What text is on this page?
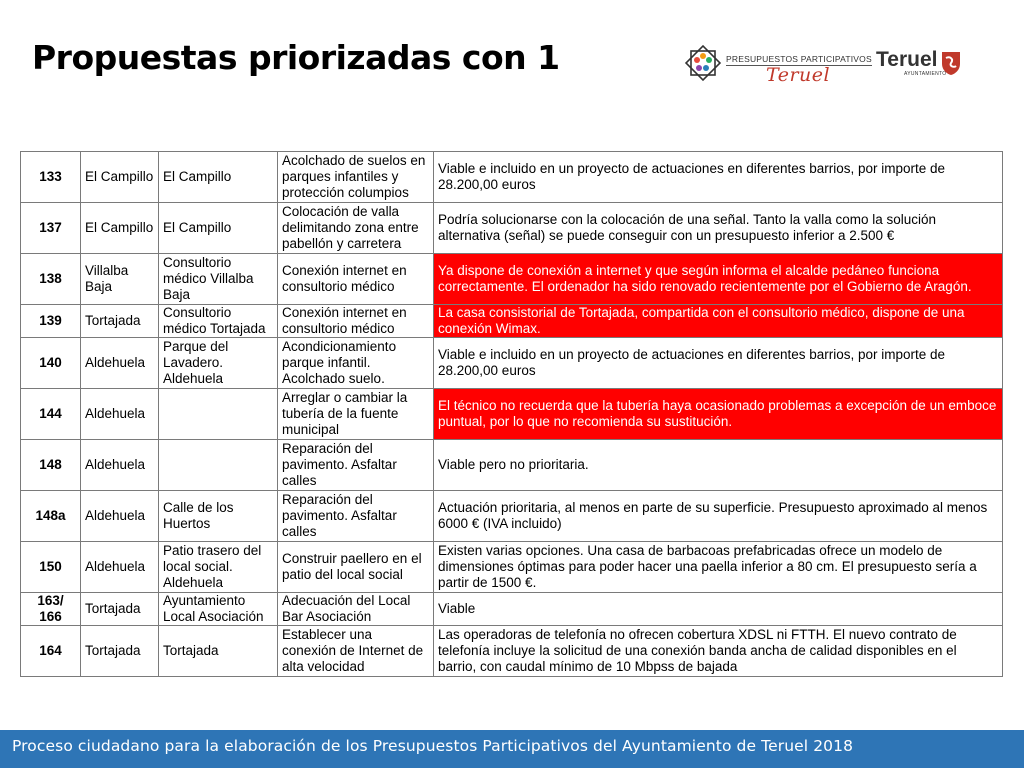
Propuestas priorizadas con 1	PRESUPUESTOS PARTICIPATIVOS
Teruel
Teruel
AYUNTAMIENTO
133	El Campillo	El Campillo	Acolchado de suelos en parques infantiles y protección columpios	Viable e incluido en un proyecto de actuaciones en diferentes barrios, por importe de 28.200,00 euros
137	El Campillo	El Campillo	Colocación de valla delimitando zona entre pabellón y carretera	Podría solucionarse con la colocación de una señal. Tanto la valla como la solución alternativa (señal) se puede conseguir con un presupuesto inferior a 2.500 €
138	Villalba Baja	Consultorio médico Villalba Baja	Conexión internet en consultorio médico	Ya dispone de conexión a internet y que según informa el alcalde pedáneo funciona correctamente. El ordenador ha sido renovado recientemente por el Gobierno de Aragón.
139	Tortajada	Consultorio médico Tortajada	Conexión internet en consultorio médico	La casa consistorial de Tortajada, compartida con el consultorio médico, dispone de una conexión Wimax.
140	Aldehuela	Parque del Lavadero. Aldehuela	Acondicionamiento parque infantil. Acolchado suelo.	Viable e incluido en un proyecto de actuaciones en diferentes barrios, por importe de 28.200,00 euros
144	Aldehuela		Arreglar o cambiar la tubería de la fuente municipal	El técnico no recuerda que la tubería haya ocasionado problemas a excepción de un emboce puntual, por lo que no recomienda su sustitución.
148	Aldehuela		Reparación del pavimento. Asfaltar calles	Viable pero no prioritaria.
148a	Aldehuela	Calle de los Huertos	Reparación del pavimento. Asfaltar calles	Actuación prioritaria, al menos en parte de su superficie. Presupuesto aproximado al menos 6000 € (IVA incluido)
150	Aldehuela	Patio trasero del local social. Aldehuela	Construir paellero en el patio del local social	Existen varias opciones. Una casa de barbacoas prefabricadas ofrece un modelo de dimensiones óptimas para poder hacer una paella inferior a 80 cm. El presupuesto sería a partir de 1500 €.
163/ 166	Tortajada	Ayuntamiento Local Asociación	Adecuación del Local Bar Asociación	Viable
164	Tortajada	Tortajada	Establecer una conexión de Internet de alta velocidad	Las operadoras de telefonía no ofrecen cobertura XDSL ni FTTH. El nuevo contrato de telefonía incluye la solicitud de una conexión banda ancha de calidad disponibles en el barrio, con caudal mínimo de 10 Mbpss de bajada
Proceso ciudadano para la elaboración de los Presupuestos Participativos del Ayuntamiento de Teruel 2018
